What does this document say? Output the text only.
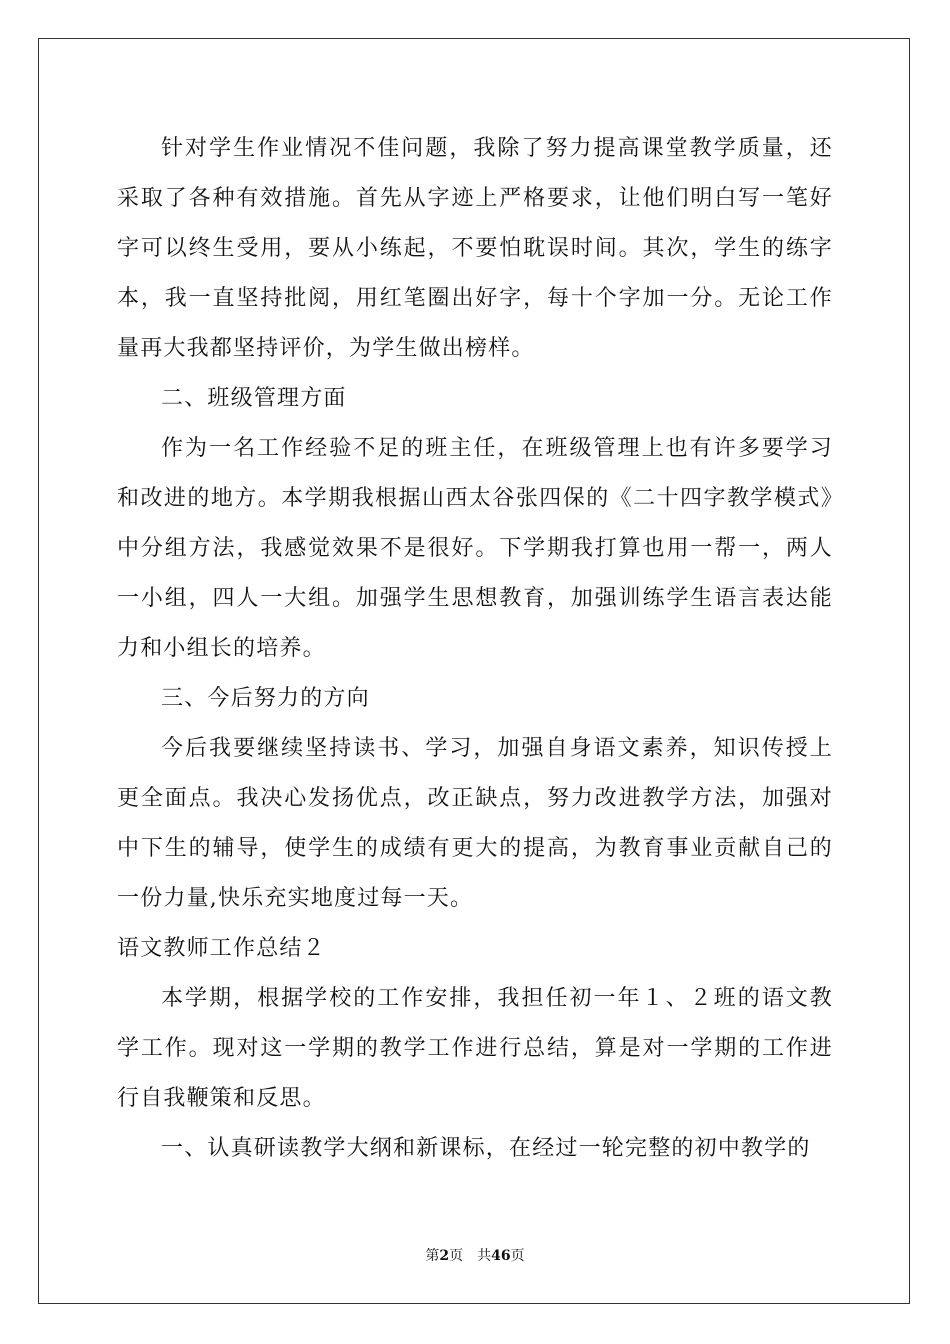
针对学生作业情况不佳问题，我除了努力提高课堂教学质量，还采取了各种有效措施。首先从字迹上严格要求，让他们明白写一笔好字可以终生受用，要从小练起，不要怕耽误时间。其次，学生的练字本，我一直坚持批阅，用红笔圈出好字，每十个字加一分。无论工作量再大我都坚持评价，为学生做出榜样。

二、班级管理方面

作为一名工作经验不足的班主任，在班级管理上也有许多要学习和改进的地方。本学期我根据山西太谷张四保的《二十四字教学模式》中分组方法，我感觉效果不是很好。下学期我打算也用一帮一，两人一小组，四人一大组。加强学生思想教育，加强训练学生语言表达能力和小组长的培养。

三、今后努力的方向

今后我要继续坚持读书、学习，加强自身语文素养，知识传授上更全面点。我决心发扬优点，改正缺点，努力改进教学方法，加强对中下生的辅导，使学生的成绩有更大的提高，为教育事业贡献自己的一份力量,快乐充实地度过每一天。

语文教师工作总结２

本学期，根据学校的工作安排，我担任初一年１、２班的语文教学工作。现对这一学期的教学工作进行总结，算是对一学期的工作进行自我鞭策和反思。

一、认真研读教学大纲和新课标，在经过一轮完整的初中教学的

第2页 共46页
